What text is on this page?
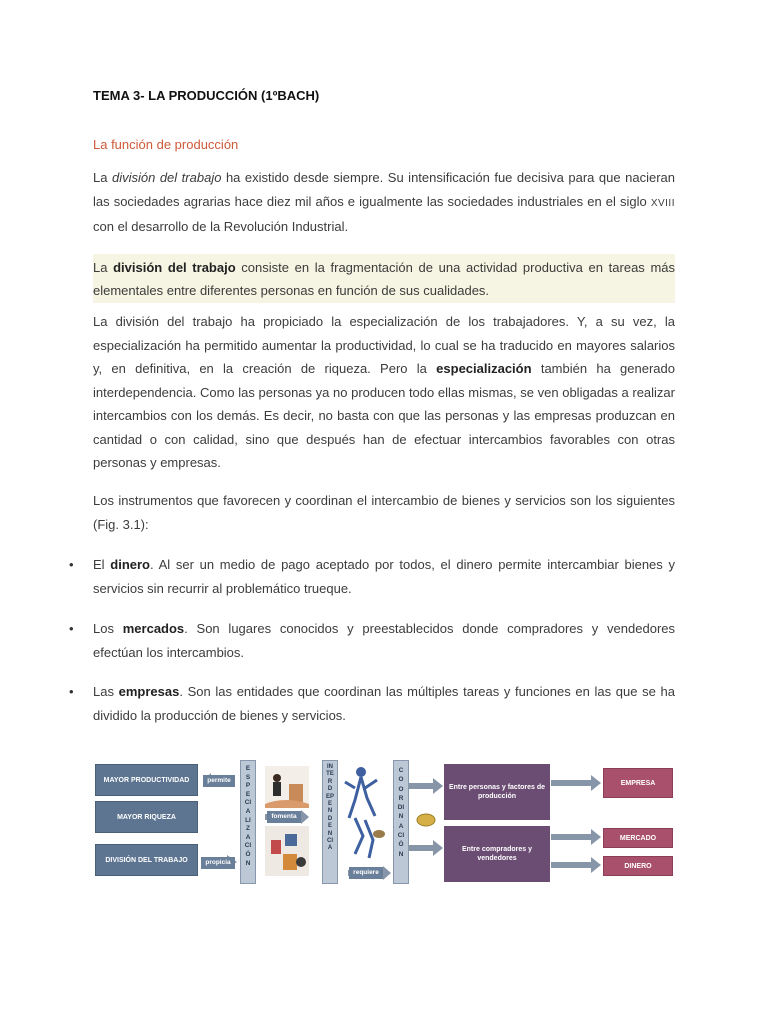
TEMA 3- LA PRODUCCIÓN (1ºBACH)
La función de producción
La división del trabajo ha existido desde siempre. Su intensificación fue decisiva para que nacieran las sociedades agrarias hace diez mil años e igualmente las sociedades industriales en el siglo XVIII con el desarrollo de la Revolución Industrial.
La división del trabajo consiste en la fragmentación de una actividad productiva en tareas más elementales entre diferentes personas en función de sus cualidades.
La división del trabajo ha propiciado la especialización de los trabajadores. Y, a su vez, la especialización ha permitido aumentar la productividad, lo cual se ha traducido en mayores salarios y, en definitiva, en la creación de riqueza. Pero la especialización también ha generado interdependencia. Como las personas ya no producen todo ellas mismas, se ven obligadas a realizar intercambios con los demás. Es decir, no basta con que las personas y las empresas produzcan en cantidad o con calidad, sino que después han de efectuar intercambios favorables con otras personas y empresas.
Los instrumentos que favorecen y coordinan el intercambio de bienes y servicios son los siguientes (Fig. 3.1):
• El dinero. Al ser un medio de pago aceptado por todos, el dinero permite intercambiar bienes y servicios sin recurrir al problemático trueque.
• Los mercados. Son lugares conocidos y preestablecidos donde compradores y vendedores efectúan los intercambios.
• Las empresas. Son las entidades que coordinan las múltiples tareas y funciones en las que se ha dividido la producción de bienes y servicios.
MAYOR PRODUCTIVIDAD
MAYOR RIQUEZA
DIVISIÓN DEL TRABAJO
permite
propicia
fomenta
requiere
ESPECIALIZACIÓN
INTERDEPENDENCIA
COORDINACIÓN
Entre personas y factores de producción
Entre compradores y vendedores
EMPRESA
MERCADO
DINERO
